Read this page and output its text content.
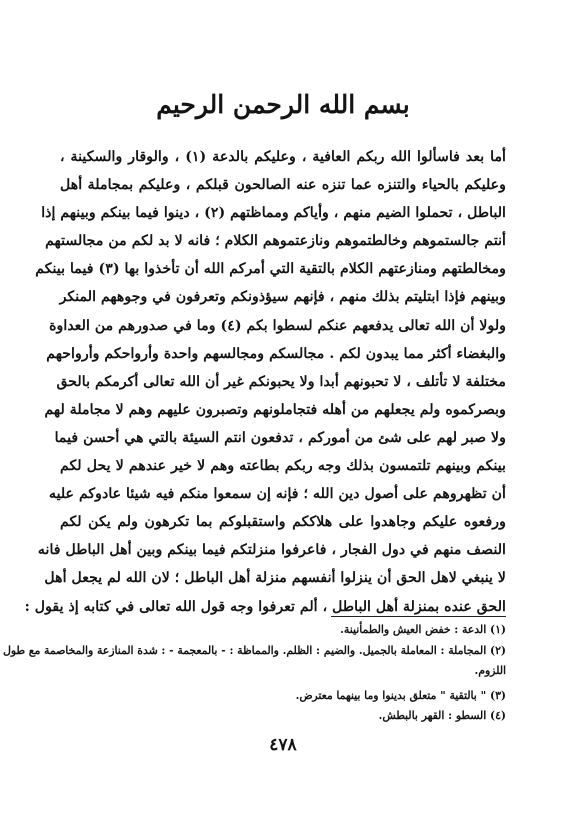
بسم الله الرحمن الرحيم
أما بعد فاسألوا الله ربكم العافية ، وعليكم بالدعة (١) ، والوقار والسكينة ،
وعليكم بالحياء والتنزه عما تنزه عنه الصالحون قبلكم ، وعليكم بمجاملة أهل
الباطل ، تحملوا الضيم منهم ، وأياكم ومماظتهم (٢) ، دينوا فيما بينكم وبينهم إذا
أنتم جالستموهم وخالطتموهم ونازعتموهم الكلام ؛ فانه لا بد لكم من مجالستهم
ومخالطتهم ومنازعتهم الكلام بالتقية التي أمركم الله أن تأخذوا بها (٣) فيما بينكم
وبينهم فإذا ابتليتم بذلك منهم ، فإنهم سيؤذونكم وتعرفون في وجوههم المنكر
ولولا أن الله تعالى يدفعهم عنكم لسطوا بكم (٤) وما في صدورهم من العداوة
والبغضاء أكثر مما يبدون لكم . مجالسكم ومجالسهم واحدة وأرواحكم وأرواحهم
مختلفة لا تأتلف ، لا تحبونهم أبدا ولا يحبونكم غير أن الله تعالى أكرمكم بالحق
وبصركموه ولم يجعلهم من أهله فتجاملونهم وتصبرون عليهم وهم لا مجاملة لهم
ولا صبر لهم على شئ من أموركم ، تدفعون انتم السيئة بالتي هي أحسن فيما
بينكم وبينهم تلتمسون بذلك وجه ربكم بطاعته وهم لا خير عندهم لا يحل لكم
أن تظهروهم على أصول دين الله ؛ فإنه إن سمعوا منكم فيه شيئا عادوكم عليه
ورفعوه عليكم وجاهدوا على هلاككم واستقبلوكم بما تكرهون ولم يكن لكم
النصف منهم في دول الفجار ، فاعرفوا منزلتكم فيما بينكم وبين أهل الباطل فانه
لا ينبغي لاهل الحق أن ينزلوا أنفسهم منزلة أهل الباطل ؛ لان الله لم يجعل أهل
الحق عنده بمنزلة أهل الباطل ، ألم تعرفوا وجه قول الله تعالى في كتابه إذ يقول :
(١) الدعة : خفض العيش والطمأنينة.
(٢) المجاملة : المعاملة بالجميل. والضيم : الظلم. والمماظة : - بالمعجمة - : شدة المنازعة والمخاصمة مع طول
اللزوم.
(٣) " بالتقية " متعلق بدينوا وما بينهما معترض.
(٤) السطو : القهر بالبطش.
٤٧٨
